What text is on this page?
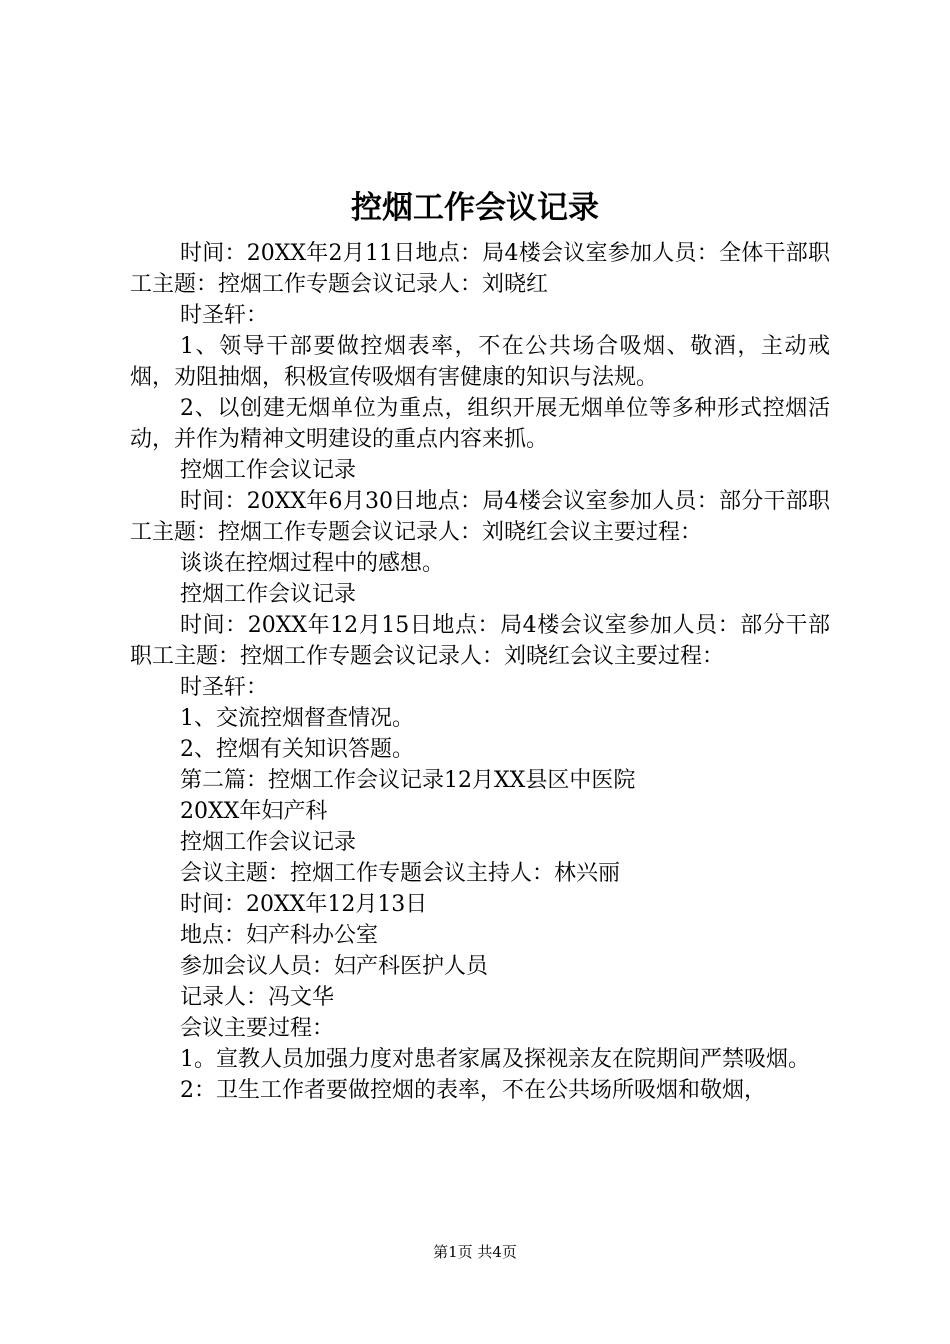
控烟工作会议记录

时间：20XX年2月11日地点：局4楼会议室参加人员：全体干部职工主题：控烟工作专题会议记录人：刘晓红

时圣轩：

1、领导干部要做控烟表率，不在公共场合吸烟、敬酒，主动戒烟，劝阻抽烟，积极宣传吸烟有害健康的知识与法规。

2、以创建无烟单位为重点，组织开展无烟单位等多种形式控烟活动，并作为精神文明建设的重点内容来抓。

控烟工作会议记录

时间：20XX年6月30日地点：局4楼会议室参加人员：部分干部职工主题：控烟工作专题会议记录人：刘晓红会议主要过程：

谈谈在控烟过程中的感想。

控烟工作会议记录

时间：20XX年12月15日地点：局4楼会议室参加人员：部分干部职工主题：控烟工作专题会议记录人：刘晓红会议主要过程：

时圣轩：

1、交流控烟督查情况。

2、控烟有关知识答题。

第二篇：控烟工作会议记录12月XX县区中医院

20XX年妇产科

控烟工作会议记录

会议主题：控烟工作专题会议主持人：林兴丽

时间：20XX年12月13日

地点：妇产科办公室

参加会议人员：妇产科医护人员

记录人：冯文华

会议主要过程：

1。宣教人员加强力度对患者家属及探视亲友在院期间严禁吸烟。

2：卫生工作者要做控烟的表率，不在公共场所吸烟和敬烟，

第1页 共4页
